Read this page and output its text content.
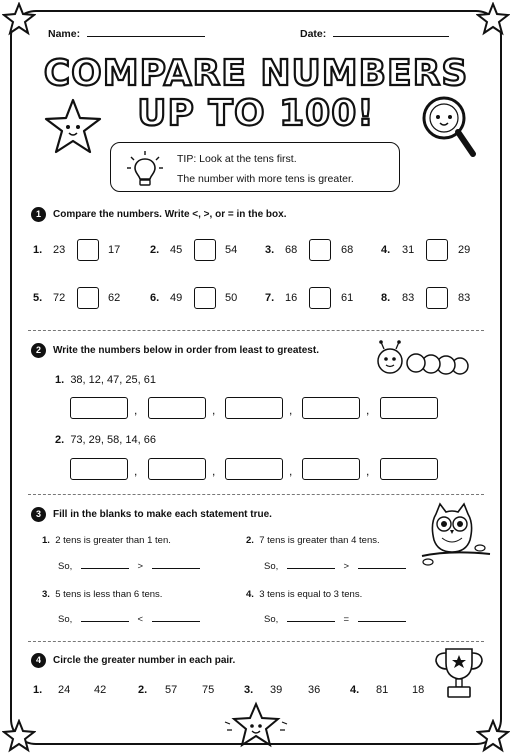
Name:	Date:
COMPARE NUMBERS
UP TO 100!
TIP: Look at the tens first.
The number with more tens is greater.
1	Compare the numbers. Write <, >, or = in the box.
1. 23	17	2. 45	54	3. 68	68	4. 31	29
5. 72	62	6. 49	50	7. 16	61	8. 83	83
2	Write the numbers below in order from least to greatest.
1. 38, 12, 47, 25, 61
,	,	,	,
2. 73, 29, 58, 14, 66
,	,	,	,
3	Fill in the blanks to make each statement true.
1. 2 tens is greater than 1 ten.
So,	>
2. 7 tens is greater than 4 tens.
So,	>
3. 5 tens is less than 6 tens.
So,	<
4. 3 tens is equal to 3 tens.
So,	=
4	Circle the greater number in each pair.
1. 24 42	2. 57 75	3. 39 36	4. 81 18
